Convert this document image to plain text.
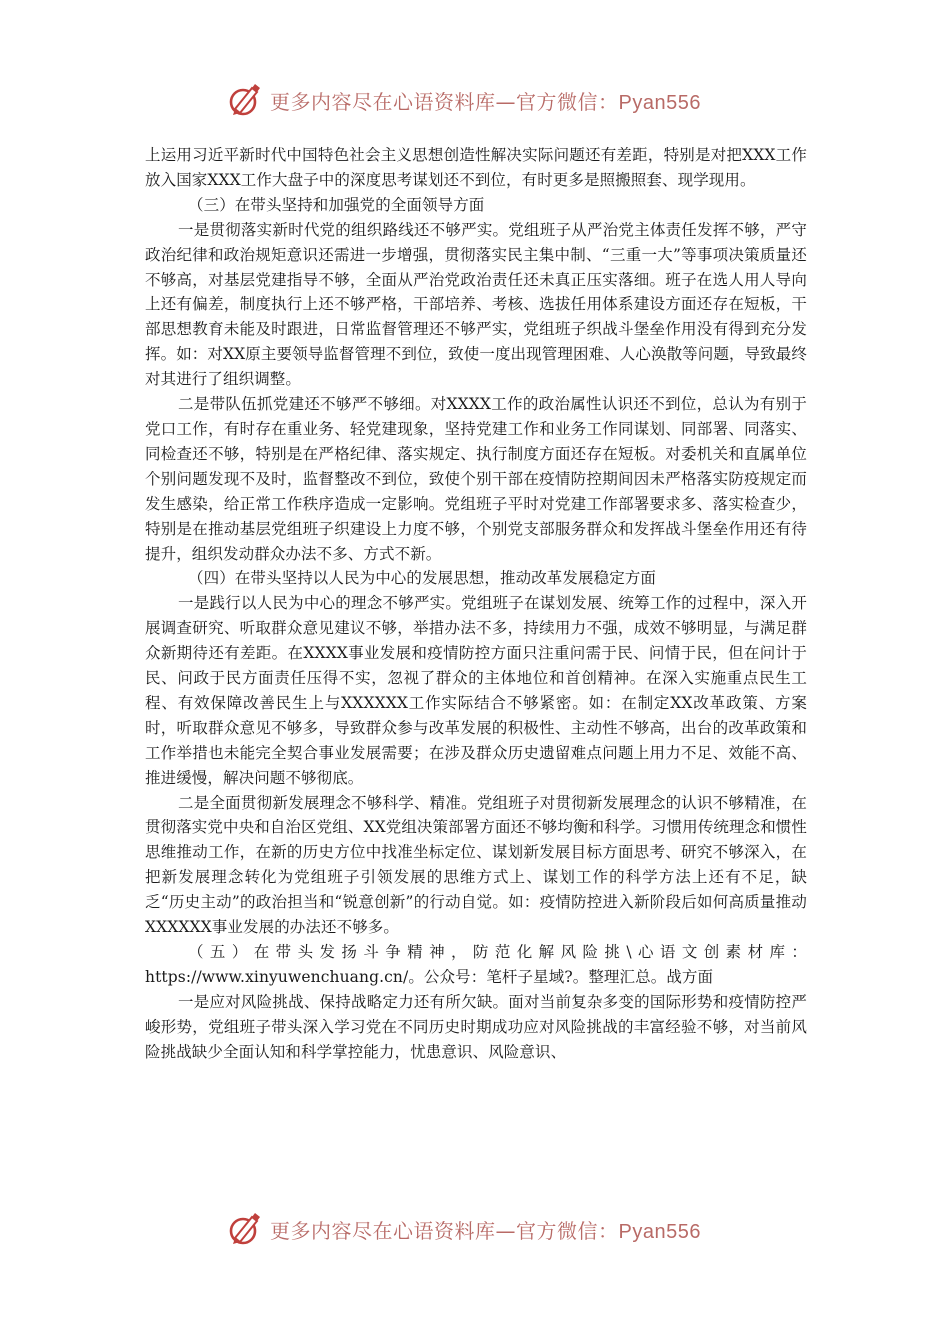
更多内容尽在心语资料库—官方微信：Pyan556

上运用习近平新时代中国特色社会主义思想创造性解决实际问题还有差距，特别是对把XXX工作放入国家XXX工作大盘子中的深度思考谋划还不到位，有时更多是照搬照套、现学现用。

（三）在带头坚持和加强党的全面领导方面

一是贯彻落实新时代党的组织路线还不够严实。党组班子从严治党主体责任发挥不够，严守政治纪律和政治规矩意识还需进一步增强，贯彻落实民主集中制、“三重一大”等事项决策质量还不够高，对基层党建指导不够，全面从严治党政治责任还未真正压实落细。班子在选人用人导向上还有偏差，制度执行上还不够严格，干部培养、考核、选拔任用体系建设方面还存在短板，干部思想教育未能及时跟进，日常监督管理还不够严实，党组班子织战斗堡垒作用没有得到充分发挥。如：对XX原主要领导监督管理不到位，致使一度出现管理困难、人心涣散等问题，导致最终对其进行了组织调整。

二是带队伍抓党建还不够严不够细。对XXXX工作的政治属性认识还不到位，总认为有别于党口工作，有时存在重业务、轻党建现象，坚持党建工作和业务工作同谋划、同部署、同落实、同检查还不够，特别是在严格纪律、落实规定、执行制度方面还存在短板。对委机关和直属单位个别问题发现不及时，监督整改不到位，致使个别干部在疫情防控期间因未严格落实防疫规定而发生感染，给正常工作秩序造成一定影响。党组班子平时对党建工作部署要求多、落实检查少，特别是在推动基层党组班子织建设上力度不够，个别党支部服务群众和发挥战斗堡垒作用还有待提升，组织发动群众办法不多、方式不新。

（四）在带头坚持以人民为中心的发展思想，推动改革发展稳定方面

一是践行以人民为中心的理念不够严实。党组班子在谋划发展、统筹工作的过程中，深入开展调查研究、听取群众意见建议不够，举措办法不多，持续用力不强，成效不够明显，与满足群众新期待还有差距。在XXXX事业发展和疫情防控方面只注重问需于民、问情于民，但在问计于民、问政于民方面责任压得不实，忽视了群众的主体地位和首创精神。在深入实施重点民生工程、有效保障改善民生上与XXXXXX工作实际结合不够紧密。如：在制定XX改革政策、方案时，听取群众意见不够多，导致群众参与改革发展的积极性、主动性不够高，出台的改革政策和工作举措也未能完全契合事业发展需要；在涉及群众历史遗留难点问题上用力不足、效能不高、推进缓慢，解决问题不够彻底。

二是全面贯彻新发展理念不够科学、精准。党组班子对贯彻新发展理念的认识不够精准，在贯彻落实党中央和自治区党组、XX党组决策部署方面还不够均衡和科学。习惯用传统理念和惯性思维推动工作，在新的历史方位中找准坐标定位、谋划新发展目标方面思考、研究不够深入，在把新发展理念转化为党组班子引领发展的思维方式上、谋划工作的科学方法上还有不足，缺乏“历史主动”的政治担当和“锐意创新”的行动自觉。如：疫情防控进入新阶段后如何高质量推动XXXXXX事业发展的办法还不够多。

（五）在带头发扬斗争精神，防范化解风险挑\心语文创素材库：https://www.xinyuwenchuang.cn/。公众号：笔杆子星域?。整理汇总。战方面

一是应对风险挑战、保持战略定力还有所欠缺。面对当前复杂多变的国际形势和疫情防控严峻形势，党组班子带头深入学习党在不同历史时期成功应对风险挑战的丰富经验不够，对当前风险挑战缺少全面认知和科学掌控能力，忧患意识、风险意识、

更多内容尽在心语资料库—官方微信：Pyan556
